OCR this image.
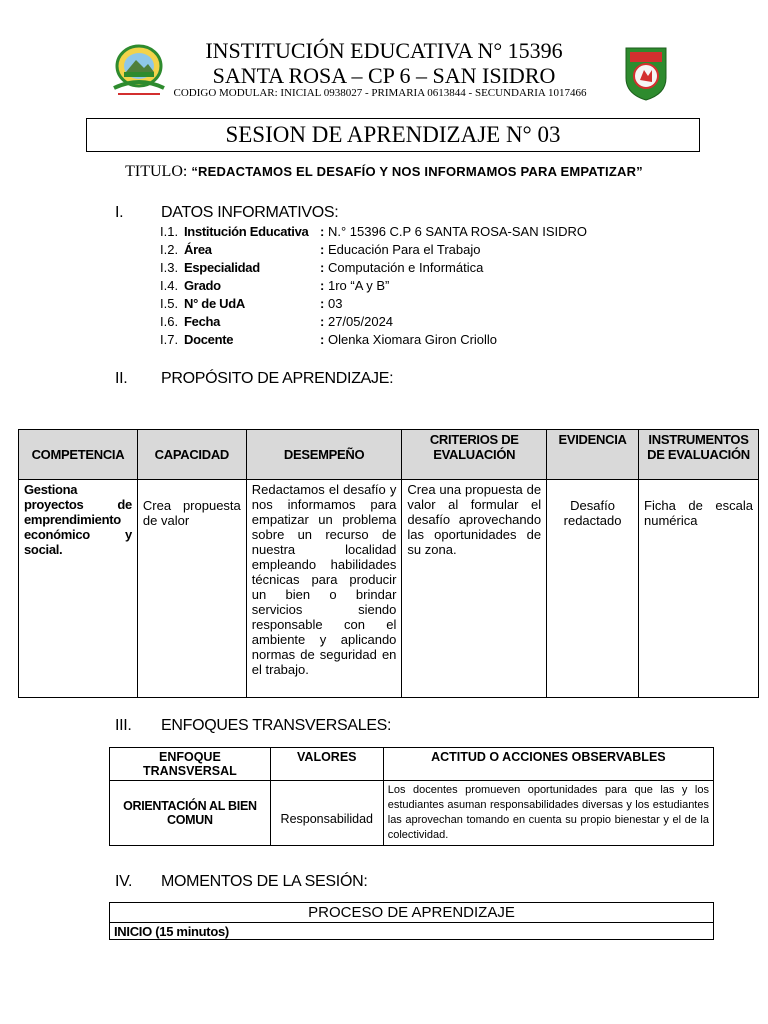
INSTITUCIÓN EDUCATIVA N° 15396
SANTA ROSA – CP 6 – SAN ISIDRO
CODIGO MODULAR: INICIAL 0938027 - PRIMARIA 0613844 - SECUNDARIA 1017466
SESION DE APRENDIZAJE N° 03
TITULO: “REDACTAMOS EL DESAFÍO Y NOS INFORMAMOS PARA EMPATIZAR”
I. DATOS INFORMATIVOS:
I.1. Institución Educativa : N.° 15396 C.P 6 SANTA ROSA-SAN ISIDRO
I.2. Área	: Educación Para el Trabajo
I.3. Especialidad	: Computación e Informática
I.4. Grado	: 1ro “A y B”
I.5. N° de UdA	: 03
I.6. Fecha	: 27/05/2024
I.7. Docente	: Olenka Xiomara Giron Criollo
II. PROPÓSITO DE APRENDIZAJE:
COMPETENCIA	CAPACIDAD	DESEMPEÑO	CRITERIOS DE EVALUACIÓN	EVIDENCIA	INSTRUMENTOS DE EVALUACIÓN
Gestiona proyectos de emprendimiento económico y social.	Crea propuesta de valor	Redactamos el desafío y nos informamos para empatizar un problema sobre un recurso de nuestra localidad empleando habilidades técnicas para producir un bien o brindar servicios siendo responsable con el ambiente y aplicando normas de seguridad en el trabajo.	Crea una propuesta de valor al formular el desafío aprovechando las oportunidades de su zona.	Desafío redactado	Ficha de escala numérica
III. ENFOQUES TRANSVERSALES:
ENFOQUE TRANSVERSAL	VALORES	ACTITUD O ACCIONES OBSERVABLES
ORIENTACIÓN AL BIEN COMUN	Responsabilidad	Los docentes promueven oportunidades para que las y los estudiantes asuman responsabilidades diversas y los estudiantes las aprovechan tomando en cuenta su propio bienestar y el de la colectividad.
IV. MOMENTOS DE LA SESIÓN:
PROCESO DE APRENDIZAJE
INICIO (15 minutos)
